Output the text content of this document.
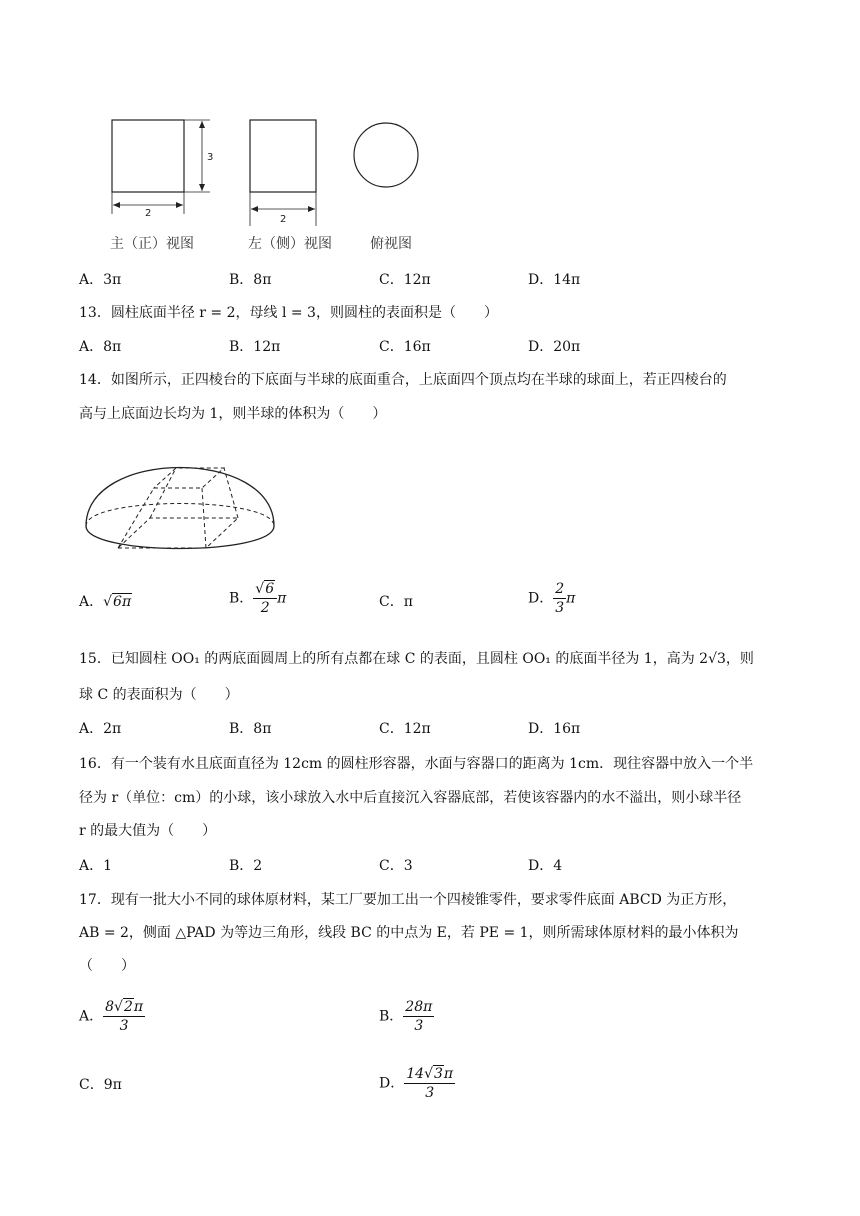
3
2
2
主（正）视图	左（侧）视图	俯视图
A．3π	B．8π	C．12π	D．14π
13．圆柱底面半径 r = 2，母线 l = 3，则圆柱的表面积是（　　）
A．8π	B．12π	C．16π	D．20π
14．如图所示，正四棱台的下底面与半球的底面重合，上底面四个顶点均在半球的球面上，若正四棱台的
高与上底面边长均为 1，则半球的体积为（　　）
A．√6π	B． $\frac{√6}{2}$ π	C．π	D． $\frac{2}{3}$ π
15．已知圆柱 OO₁ 的两底面圆周上的所有点都在球 C 的表面，且圆柱 OO₁ 的底面半径为 1，高为 2√3，则
球 C 的表面积为（　　）
A．2π	B．8π	C．12π	D．16π
16．有一个装有水且底面直径为 12cm 的圆柱形容器，水面与容器口的距离为 1cm．现往容器中放入一个半
径为 r（单位：cm）的小球，该小球放入水中后直接沉入容器底部，若使该容器内的水不溢出，则小球半径
r 的最大值为（　　）
A．1	B．2	C．3	D．4
17．现有一批大小不同的球体原材料，某工厂要加工出一个四棱锥零件，要求零件底面 ABCD 为正方形，
AB = 2，侧面 △PAD 为等边三角形，线段 BC 的中点为 E，若 PE = 1，则所需球体原材料的最小体积为
（　　）
A． $\frac{8√2\pi}{3}$	B． $\frac{28\pi}{3}$
C．9π	D． $\frac{14√3\pi}{3}$
